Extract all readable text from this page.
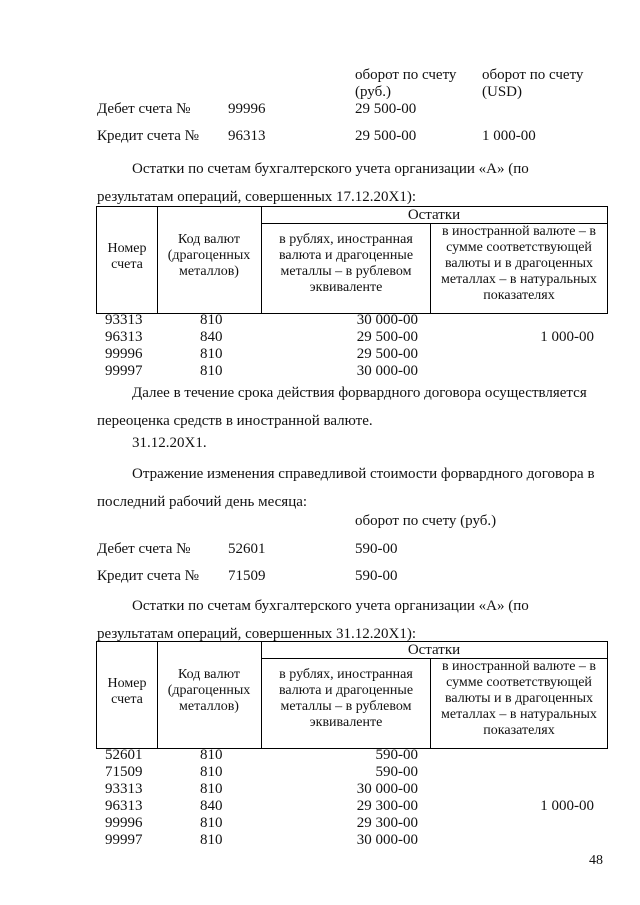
оборот по счету
(руб.)
оборот по счету
(USD)
Дебет счета №	99996	29 500-00
Кредит счета № 96313	29 500-00	1 000-00
Остатки по счетам бухгалтерского учета организации «А» (по результатам операций, совершенных 17.12.20X1):
Остатки
Номер счета
Код валют (драгоценных металлов)
в рублях, иностранная валюта и драгоценные металлы – в рублевом эквиваленте
в иностранной валюте – в сумме соответствующей валюты и в драгоценных металлах – в натуральных показателях
93313	810	30 000-00
96313	840	29 500-00	1 000-00
99996	810	29 500-00
99997	810	30 000-00
Далее в течение срока действия форвардного договора осуществляется переоценка средств в иностранной валюте.
31.12.20X1.
Отражение изменения справедливой стоимости форвардного договора в последний рабочий день месяца:
оборот по счету (руб.)
Дебет счета №	52601	590-00
Кредит счета № 71509	590-00
Остатки по счетам бухгалтерского учета организации «А» (по результатам операций, совершенных 31.12.20X1):
Остатки
Номер счета
Код валют (драгоценных металлов)
в рублях, иностранная валюта и драгоценные металлы – в рублевом эквиваленте
в иностранной валюте – в сумме соответствующей валюты и в драгоценных металлах – в натуральных показателях
52601	810	590-00
71509	810	590-00
93313	810	30 000-00
96313	840	29 300-00	1 000-00
99996	810	29 300-00
99997	810	30 000-00
48
